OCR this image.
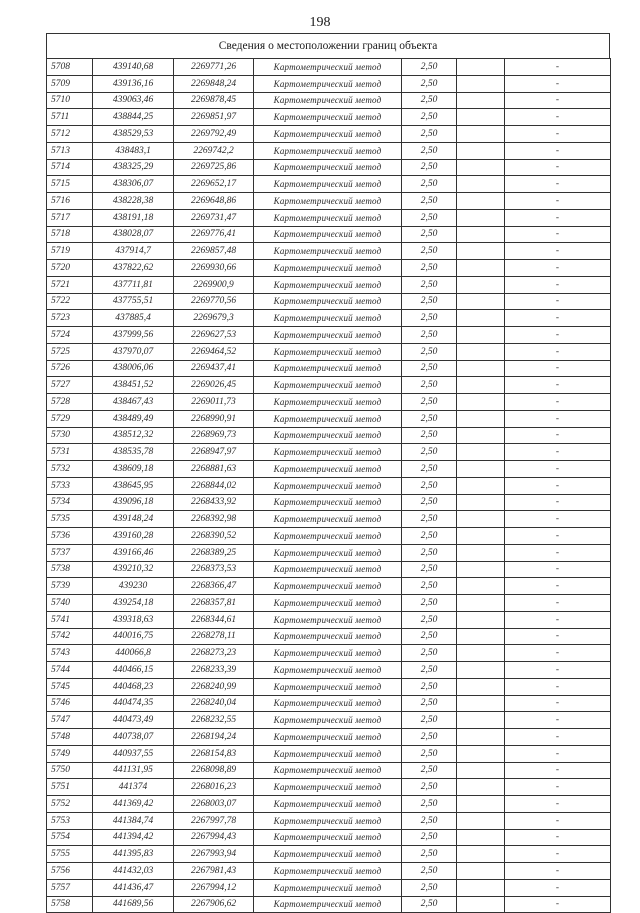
198
Сведения о местоположении границ объекта
5708	439140,68	2269771,26	Картометрический метод	2,50		-
5709	439136,16	2269848,24	Картометрический метод	2,50		-
5710	439063,46	2269878,45	Картометрический метод	2,50		-
5711	438844,25	2269851,97	Картометрический метод	2,50		-
5712	438529,53	2269792,49	Картометрический метод	2,50		-
5713	438483,1	2269742,2	Картометрический метод	2,50		-
5714	438325,29	2269725,86	Картометрический метод	2,50		-
5715	438306,07	2269652,17	Картометрический метод	2,50		-
5716	438228,38	2269648,86	Картометрический метод	2,50		-
5717	438191,18	2269731,47	Картометрический метод	2,50		-
5718	438028,07	2269776,41	Картометрический метод	2,50		-
5719	437914,7	2269857,48	Картометрический метод	2,50		-
5720	437822,62	2269930,66	Картометрический метод	2,50		-
5721	437711,81	2269900,9	Картометрический метод	2,50		-
5722	437755,51	2269770,56	Картометрический метод	2,50		-
5723	437885,4	2269679,3	Картометрический метод	2,50		-
5724	437999,56	2269627,53	Картометрический метод	2,50		-
5725	437970,07	2269464,52	Картометрический метод	2,50		-
5726	438006,06	2269437,41	Картометрический метод	2,50		-
5727	438451,52	2269026,45	Картометрический метод	2,50		-
5728	438467,43	2269011,73	Картометрический метод	2,50		-
5729	438489,49	2268990,91	Картометрический метод	2,50		-
5730	438512,32	2268969,73	Картометрический метод	2,50		-
5731	438535,78	2268947,97	Картометрический метод	2,50		-
5732	438609,18	2268881,63	Картометрический метод	2,50		-
5733	438645,95	2268844,02	Картометрический метод	2,50		-
5734	439096,18	2268433,92	Картометрический метод	2,50		-
5735	439148,24	2268392,98	Картометрический метод	2,50		-
5736	439160,28	2268390,52	Картометрический метод	2,50		-
5737	439166,46	2268389,25	Картометрический метод	2,50		-
5738	439210,32	2268373,53	Картометрический метод	2,50		-
5739	439230	2268366,47	Картометрический метод	2,50		-
5740	439254,18	2268357,81	Картометрический метод	2,50		-
5741	439318,63	2268344,61	Картометрический метод	2,50		-
5742	440016,75	2268278,11	Картометрический метод	2,50		-
5743	440066,8	2268273,23	Картометрический метод	2,50		-
5744	440466,15	2268233,39	Картометрический метод	2,50		-
5745	440468,23	2268240,99	Картометрический метод	2,50		-
5746	440474,35	2268240,04	Картометрический метод	2,50		-
5747	440473,49	2268232,55	Картометрический метод	2,50		-
5748	440738,07	2268194,24	Картометрический метод	2,50		-
5749	440937,55	2268154,83	Картометрический метод	2,50		-
5750	441131,95	2268098,89	Картометрический метод	2,50		-
5751	441374	2268016,23	Картометрический метод	2,50		-
5752	441369,42	2268003,07	Картометрический метод	2,50		-
5753	441384,74	2267997,78	Картометрический метод	2,50		-
5754	441394,42	2267994,43	Картометрический метод	2,50		-
5755	441395,83	2267993,94	Картометрический метод	2,50		-
5756	441432,03	2267981,43	Картометрический метод	2,50		-
5757	441436,47	2267994,12	Картометрический метод	2,50		-
5758	441689,56	2267906,62	Картометрический метод	2,50		-
